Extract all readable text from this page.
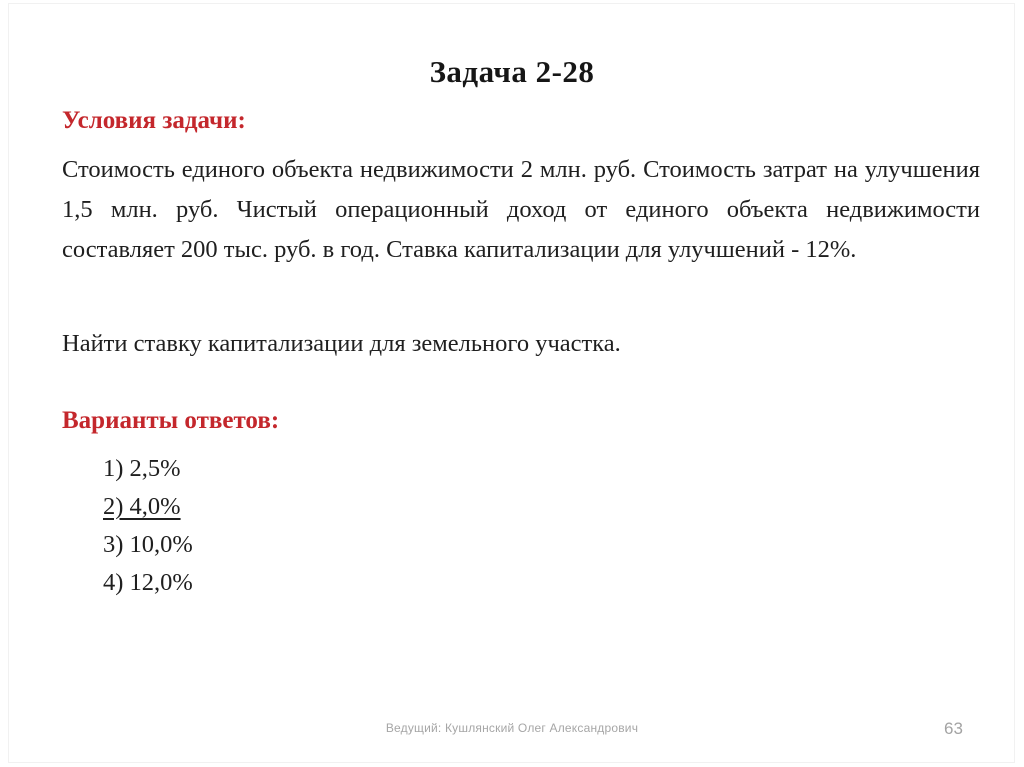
Задача 2-28
Условия задачи:
Стоимость единого объекта недвижимости 2 млн. руб. Стоимость затрат на улучшения 1,5 млн. руб. Чистый операционный доход от единого объекта недвижимости составляет 200 тыс. руб. в год. Ставка капитализации для улучшений - 12%.
Найти ставку капитализации для земельного участка.
Варианты ответов:
1) 2,5%
2) 4,0%
3) 10,0%
4) 12,0%
Ведущий: Кушлянский Олег Александрович	63
